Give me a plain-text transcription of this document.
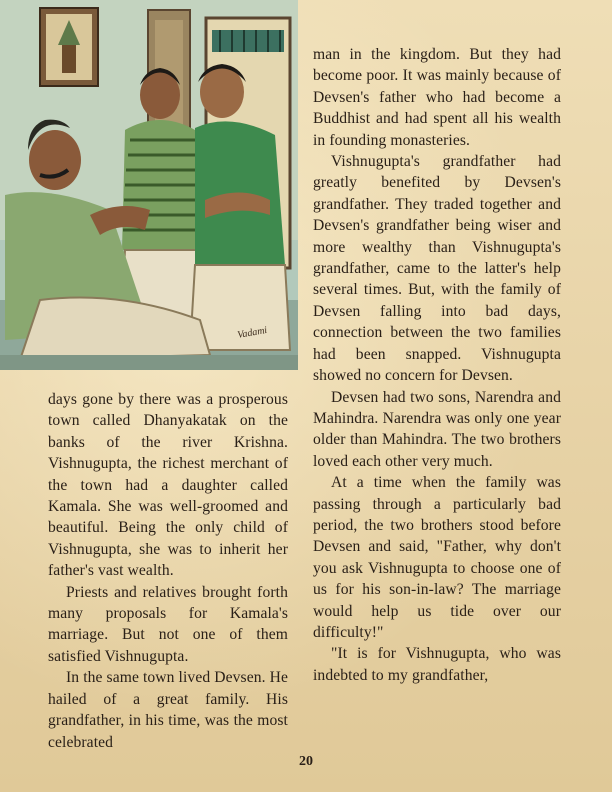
Vadami

days gone by there was a prosperous town called Dhanyakatak on the banks of the river Krishna. Vishnugupta, the richest merchant of the town had a daughter called Kamala. She was well-groomed and beautiful. Being the only child of Vishnugupta, she was to inherit her father's vast wealth.

Priests and relatives brought forth many proposals for Kamala's marriage. But not one of them satisfied Vishnugupta.

In the same town lived Devsen. He hailed of a great family. His grandfather, in his time, was the most celebrated

man in the kingdom. But they had become poor. It was mainly because of Devsen's father who had become a Buddhist and had spent all his wealth in founding monasteries.

Vishnugupta's grandfather had greatly benefited by Devsen's grandfather. They traded together and Devsen's grandfather being wiser and more wealthy than Vishnugupta's grandfather, came to the latter's help several times. But, with the family of Devsen falling into bad days, connection between the two families had been snapped. Vishnugupta showed no concern for Devsen.

Devsen had two sons, Narendra and Mahindra. Narendra was only one year older than Mahindra. The two brothers loved each other very much.

At a time when the family was passing through a particularly bad period, the two brothers stood before Devsen and said, "Father, why don't you ask Vishnugupta to choose one of us for his son-in-law? The marriage would help us tide over our difficulty!"

"It is for Vishnugupta, who was indebted to my grandfather,

20
